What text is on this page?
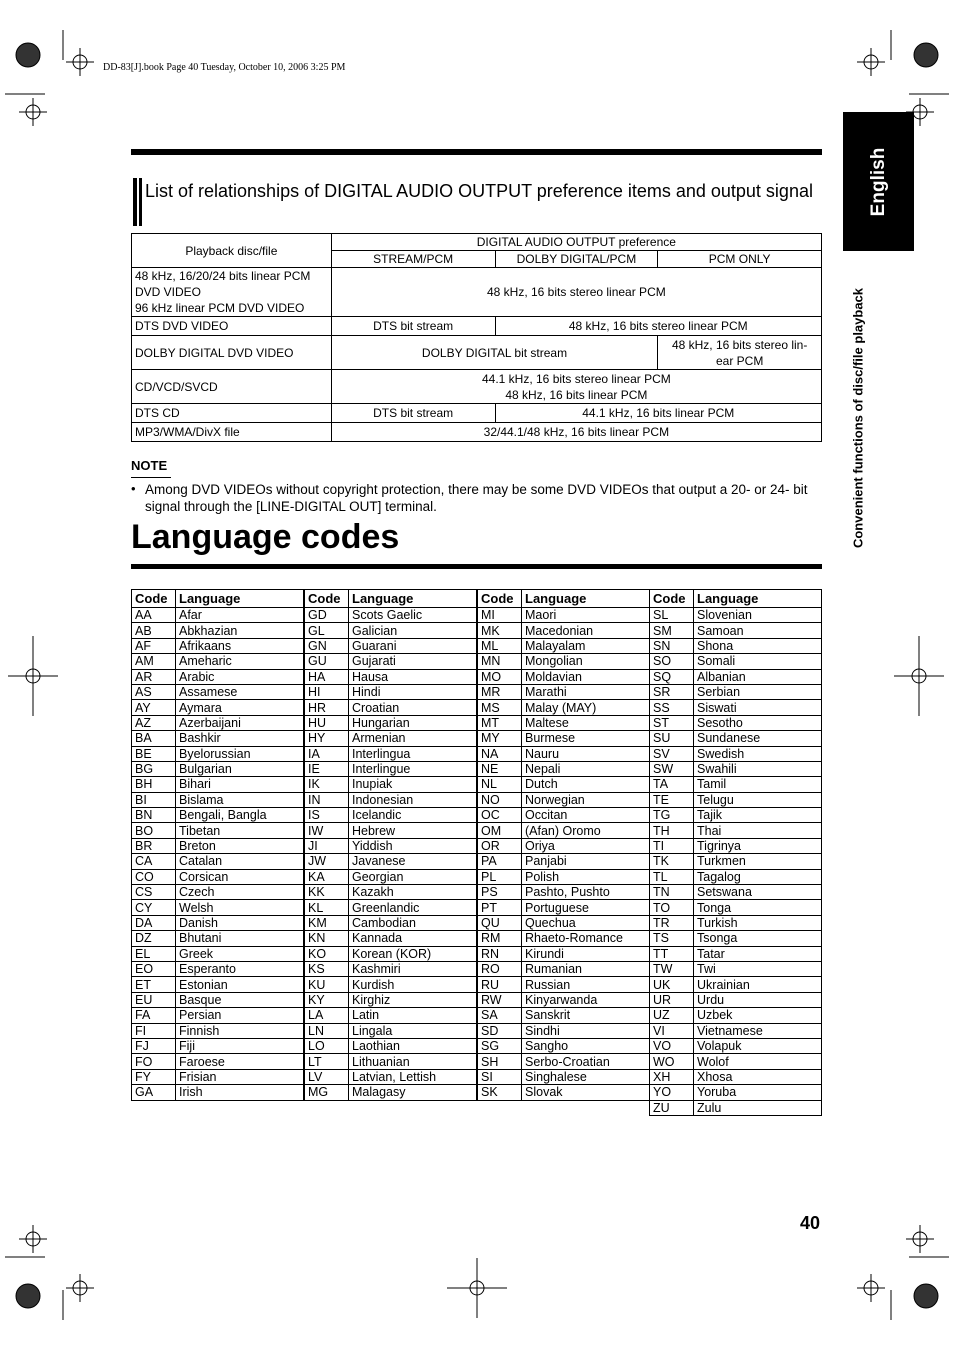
DD-83[J].book Page 40 Tuesday, October 10, 2006 3:25 PM
English
Convenient functions of disc/file playback
List of relationships of DIGITAL AUDIO OUTPUT preference items and output signal
Playback disc/file	DIGITAL AUDIO OUTPUT preference		
	STREAM/PCM	DOLBY DIGITAL/PCM	PCM ONLY

48 kHz, 16/20/24 bits linear PCM
DVD VIDEO
96 kHz linear PCM DVD VIDEO	48 kHz, 16 bits stereo linear PCM		
DTS DVD VIDEO	DTS bit stream	48 kHz, 16 bits stereo linear PCM	
DOLBY DIGITAL DVD VIDEO	DOLBY DIGITAL bit stream		48 kHz, 16 bits stereo lin-
ear PCM

CD/VCD/SVCD	44.1 kHz, 16 bits stereo linear PCM
48 kHz, 16 bits linear PCM		

DTS CD	DTS bit stream	44.1 kHz, 16 bits linear PCM	
MP3/WMA/DivX file	32/44.1/48 kHz, 16 bits linear PCM		
NOTE
• Among DVD VIDEOs without copyright protection, there may be some DVD VIDEOs that output a 20- or 24- bit signal through the [LINE-DIGITAL OUT] terminal.
Language codes
Code	Language
AA	Afar
AB	Abkhazian
AF	Afrikaans
AM	Ameharic
AR	Arabic
AS	Assamese
AY	Aymara
AZ	Azerbaijani
BA	Bashkir
BE	Byelorussian
BG	Bulgarian
BH	Bihari
BI	Bislama
BN	Bengali, Bangla
BO	Tibetan
BR	Breton
CA	Catalan
CO	Corsican
CS	Czech
CY	Welsh
DA	Danish
DZ	Bhutani
EL	Greek
EO	Esperanto
ET	Estonian
EU	Basque
FA	Persian
FI	Finnish
FJ	Fiji
FO	Faroese
FY	Frisian
GA	Irish
Code	Language
GD	Scots Gaelic
GL	Galician
GN	Guarani
GU	Gujarati
HA	Hausa
HI	Hindi
HR	Croatian
HU	Hungarian
HY	Armenian
IA	Interlingua
IE	Interlingue
IK	Inupiak
IN	Indonesian
IS	Icelandic
IW	Hebrew
JI	Yiddish
JW	Javanese
KA	Georgian
KK	Kazakh
KL	Greenlandic
KM	Cambodian
KN	Kannada
KO	Korean (KOR)
KS	Kashmiri
KU	Kurdish
KY	Kirghiz
LA	Latin
LN	Lingala
LO	Laothian
LT	Lithuanian
LV	Latvian, Lettish
MG	Malagasy
Code	Language
MI	Maori
MK	Macedonian
ML	Malayalam
MN	Mongolian
MO	Moldavian
MR	Marathi
MS	Malay (MAY)
MT	Maltese
MY	Burmese
NA	Nauru
NE	Nepali
NL	Dutch
NO	Norwegian
OC	Occitan
OM	(Afan) Oromo
OR	Oriya
PA	Panjabi
PL	Polish
PS	Pashto, Pushto
PT	Portuguese
QU	Quechua
RM	Rhaeto-Romance
RN	Kirundi
RO	Rumanian
RU	Russian
RW	Kinyarwanda
SA	Sanskrit
SD	Sindhi
SG	Sangho
SH	Serbo-Croatian
SI	Singhalese
SK	Slovak
Code	Language
SL	Slovenian
SM	Samoan
SN	Shona
SO	Somali
SQ	Albanian
SR	Serbian
SS	Siswati
ST	Sesotho
SU	Sundanese
SV	Swedish
SW	Swahili
TA	Tamil
TE	Telugu
TG	Tajik
TH	Thai
TI	Tigrinya
TK	Turkmen
TL	Tagalog
TN	Setswana
TO	Tonga
TR	Turkish
TS	Tsonga
TT	Tatar
TW	Twi
UK	Ukrainian
UR	Urdu
UZ	Uzbek
VI	Vietnamese
VO	Volapuk
WO	Wolof
XH	Xhosa
YO	Yoruba
ZU	Zulu
40
